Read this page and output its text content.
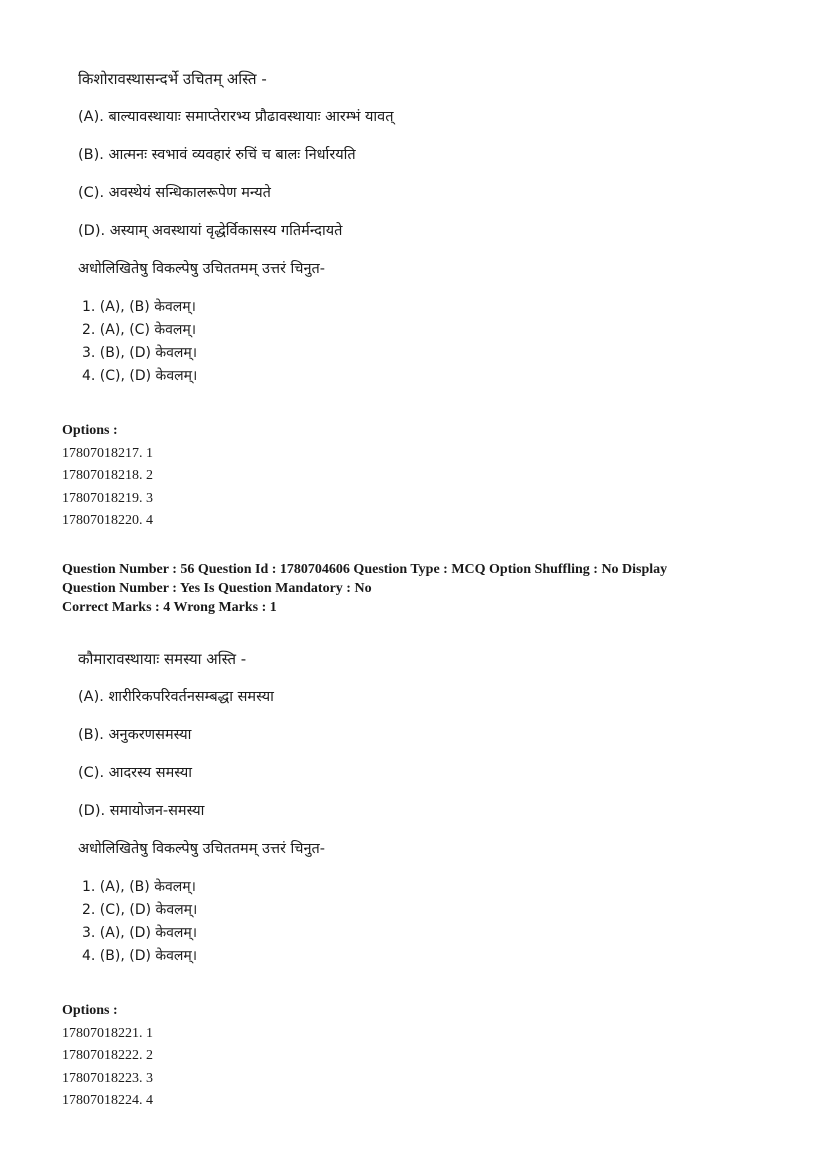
किशोरावस्थासन्दर्भे उचितम् अस्ति -
(A). बाल्यावस्थायाः समाप्तेरारभ्य प्रौढावस्थायाः आरम्भं यावत्
(B). आत्मनः स्वभावं व्यवहारं रुचिं च बालः निर्धारयति
(C). अवस्थेयं सन्धिकालरूपेण मन्यते
(D). अस्याम् अवस्थायां वृद्धेर्विकासस्य गतिर्मन्दायते
अधोलिखितेषु विकल्पेषु उचिततमम् उत्तरं चिनुत-
1. (A), (B) केवलम्।
2. (A), (C) केवलम्।
3. (B), (D) केवलम्।
4. (C), (D) केवलम्।
Options :
17807018217. 1
17807018218. 2
17807018219. 3
17807018220. 4
Question Number : 56 Question Id : 1780704606 Question Type : MCQ Option Shuffling : No Display
Question Number : Yes Is Question Mandatory : No
Correct Marks : 4 Wrong Marks : 1
कौमारावस्थायाः समस्या अस्ति -
(A). शारीरिकपरिवर्तनसम्बद्धा समस्या
(B). अनुकरणसमस्या
(C). आदरस्य समस्या
(D). समायोजन-समस्या
अधोलिखितेषु विकल्पेषु उचिततमम् उत्तरं चिनुत-
1. (A), (B) केवलम्।
2. (C), (D) केवलम्।
3. (A), (D) केवलम्।
4. (B), (D) केवलम्।
Options :
17807018221. 1
17807018222. 2
17807018223. 3
17807018224. 4
